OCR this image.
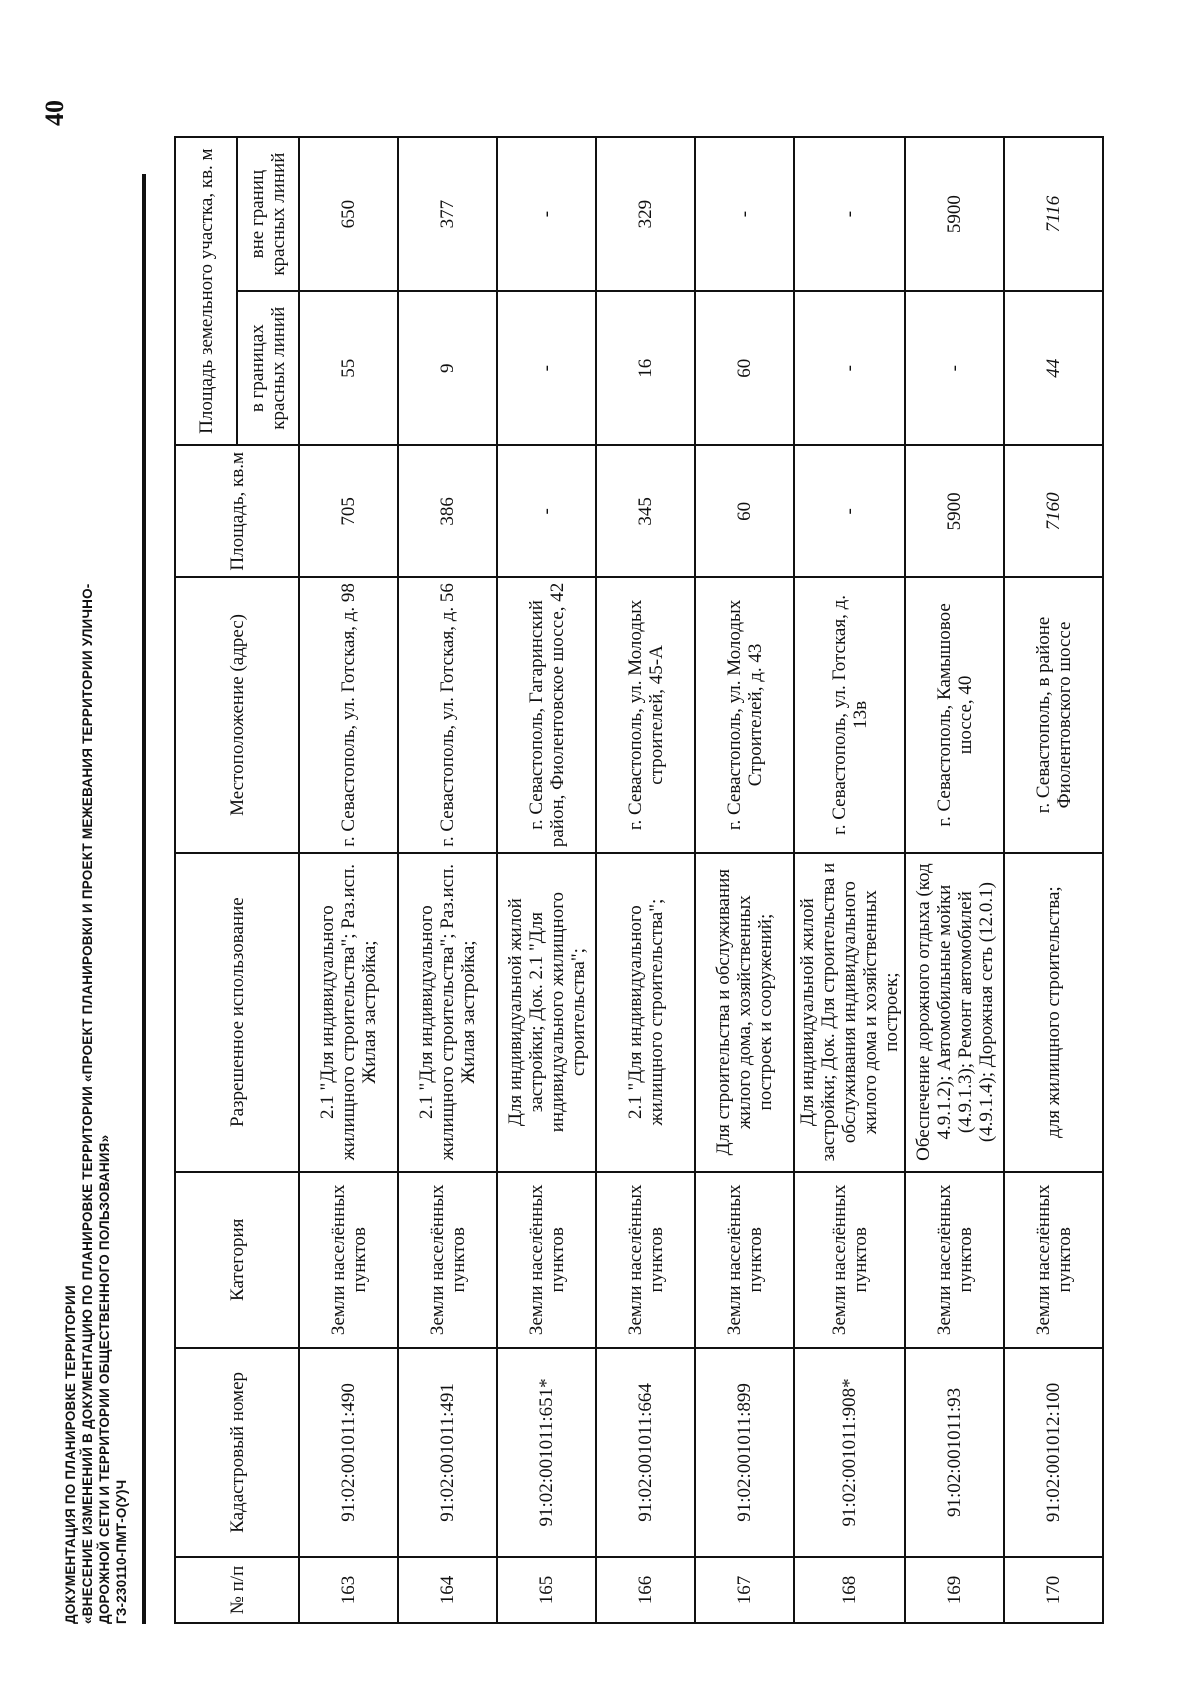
40
ДОКУМЕНТАЦИЯ ПО ПЛАНИРОВКЕ ТЕРРИТОРИИ «ВНЕСЕНИЕ ИЗМЕНЕНИЙ В ДОКУМЕНТАЦИЮ ПО ПЛАНИРОВКЕ ТЕРРИТОРИИ «ПРОЕКТ ПЛАНИРОВКИ И ПРОЕКТ МЕЖЕВАНИЯ ТЕРРИТОРИИ УЛИЧНО- ДОРОЖНОЙ СЕТИ И ТЕРРИТОРИИ ОБЩЕСТВЕННОГО ПОЛЬЗОВАНИЯ» ГЗ-230110-ПМТ-О(У)Ч	№ п/п	Кадастровый номер	Категория	Разрешенное использование	Местоположение (адрес)	Площадь, кв.м	Площадь земельного участка, кв. м	
						в границах красных линий	вне границ красных линий
163	91:02:001011:490	Земли населённых пунктов	2.1 "Для индивидуального жилищного строительства"; Раз.исп. Жилая застройка;	г. Севастополь, ул. Готская, д. 98	705	55	650
164	91:02:001011:491	Земли населённых пунктов	2.1 "Для индивидуального жилищного строительства"; Раз.исп. Жилая застройка;	г. Севастополь, ул. Готская, д. 56	386	9	377
165	91:02:001011:651*	Земли населённых пунктов	Для индивидуальной жилой застройки; Док. 2.1 "Для индивидуального жилищного строительства";	г. Севастополь, Гагаринский район, Фиолентовское шоссе, 42	-	-	-
166	91:02:001011:664	Земли населённых пунктов	2.1 "Для индивидуального жилищного строительства";	г. Севастополь, ул. Молодых строителей, 45-А	345	16	329
167	91:02:001011:899	Земли населённых пунктов	Для строительства и обслуживания жилого дома, хозяйственных построек и сооружений;	г. Севастополь, ул. Молодых Строителей, д. 43	60	60	-
168	91:02:001011:908*	Земли населённых пунктов	Для индивидуальной жилой застройки; Док. Для строительства и обслуживания индивидуального жилого дома и хозяйственных построек;	г. Севастополь, ул. Готская, д. 13в	-	-	-
169	91:02:001011:93	Земли населённых пунктов	Обеспечение дорожного отдыха (код 4.9.1.2); Автомобильные мойки (4.9.1.3); Ремонт автомобилей (4.9.1.4); Дорожная сеть (12.0.1)	г. Севастополь, Камышовое шоссе, 40	5900	-	5900
170	91:02:001012:100	Земли населённых пунктов	для жилищного строительства;	г. Севастополь, в районе Фиолентовского шоссе	7160	44	7116
